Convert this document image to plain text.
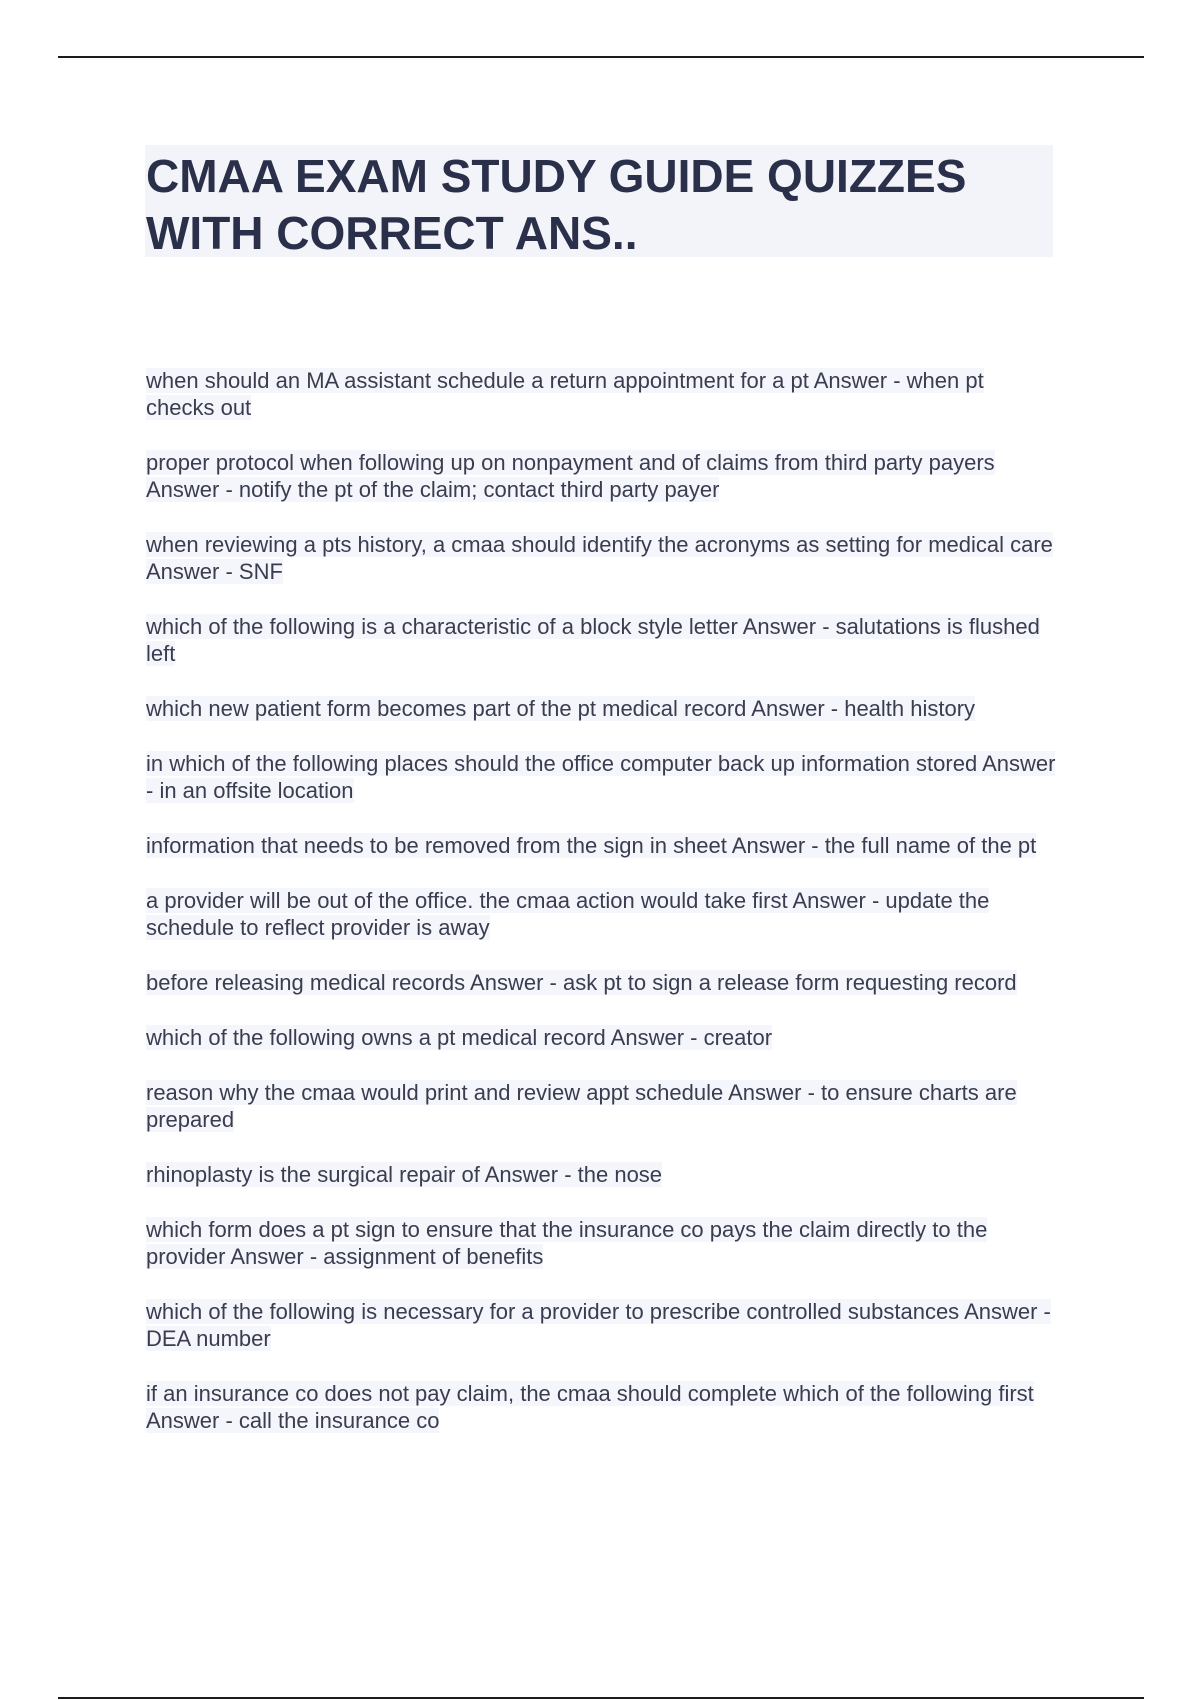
CMAA EXAM STUDY GUIDE QUIZZES WITH CORRECT ANS..
when should an MA assistant schedule a return appointment for a pt Answer - when pt checks out
proper protocol when following up on nonpayment and of claims from third party payers Answer - notify the pt of the claim; contact third party payer
when reviewing a pts history, a cmaa should identify the acronyms as setting for medical care Answer - SNF
which of the following is a characteristic of a block style letter Answer - salutations is flushed left
which new patient form becomes part of the pt medical record Answer - health history
in which of the following places should the office computer back up information stored Answer - in an offsite location
information that needs to be removed from the sign in sheet Answer - the full name of the pt
a provider will be out of the office. the cmaa action would take first Answer - update the schedule to reflect provider is away
before releasing medical records Answer - ask pt to sign a release form requesting record
which of the following owns a pt medical record Answer - creator
reason why the cmaa would print and review appt schedule Answer - to ensure charts are prepared
rhinoplasty is the surgical repair of Answer - the nose
which form does a pt sign to ensure that the insurance co pays the claim directly to the provider Answer - assignment of benefits
which of the following is necessary for a provider to prescribe controlled substances Answer - DEA number
if an insurance co does not pay claim, the cmaa should complete which of the following first Answer - call the insurance co
